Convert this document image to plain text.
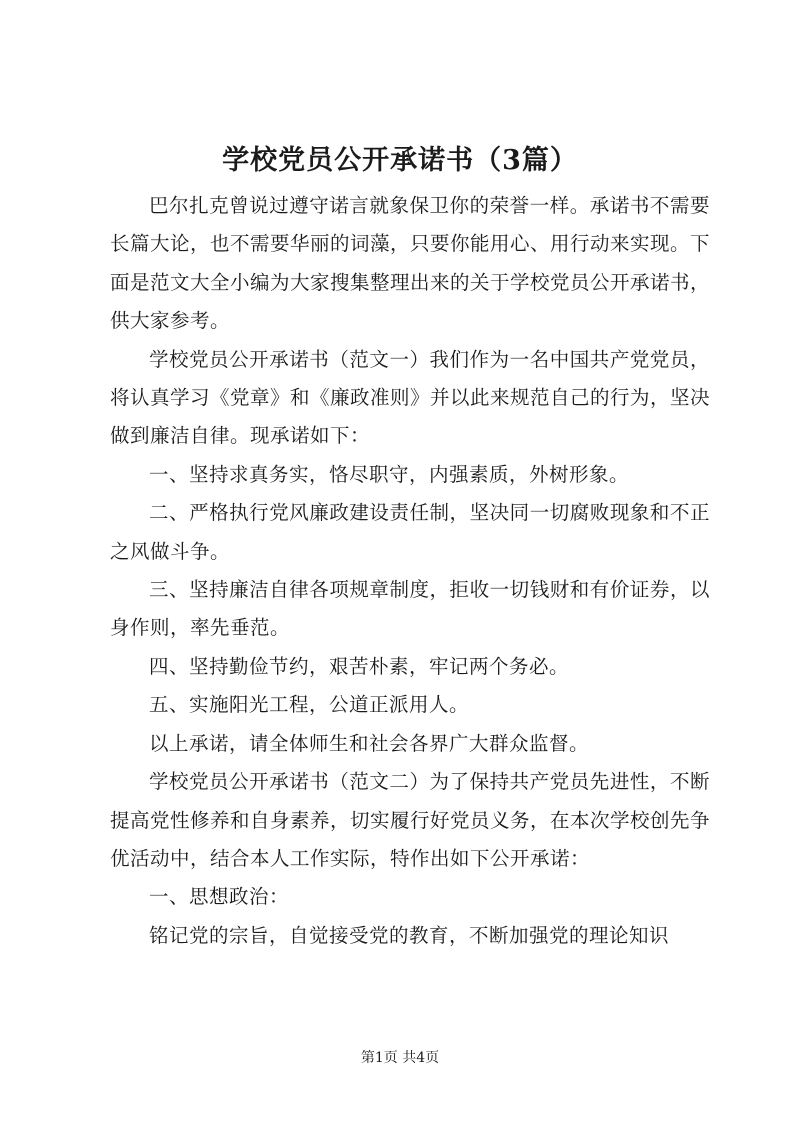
学校党员公开承诺书（3篇）

巴尔扎克曾说过遵守诺言就象保卫你的荣誉一样。承诺书不需要长篇大论，也不需要华丽的词藻，只要你能用心、用行动来实现。下面是范文大全小编为大家搜集整理出来的关于学校党员公开承诺书，供大家参考。

学校党员公开承诺书（范文一）我们作为一名中国共产党党员，将认真学习《党章》和《廉政准则》并以此来规范自己的行为，坚决做到廉洁自律。现承诺如下：

一、坚持求真务实，恪尽职守，内强素质，外树形象。

二、严格执行党风廉政建设责任制，坚决同一切腐败现象和不正之风做斗争。

三、坚持廉洁自律各项规章制度，拒收一切钱财和有价证券，以身作则，率先垂范。

四、坚持勤俭节约，艰苦朴素，牢记两个务必。

五、实施阳光工程，公道正派用人。

以上承诺，请全体师生和社会各界广大群众监督。

学校党员公开承诺书（范文二）为了保持共产党员先进性，不断提高党性修养和自身素养，切实履行好党员义务，在本次学校创先争优活动中，结合本人工作实际，特作出如下公开承诺：

一、思想政治：

铭记党的宗旨，自觉接受党的教育，不断加强党的理论知识

第1页 共4页
